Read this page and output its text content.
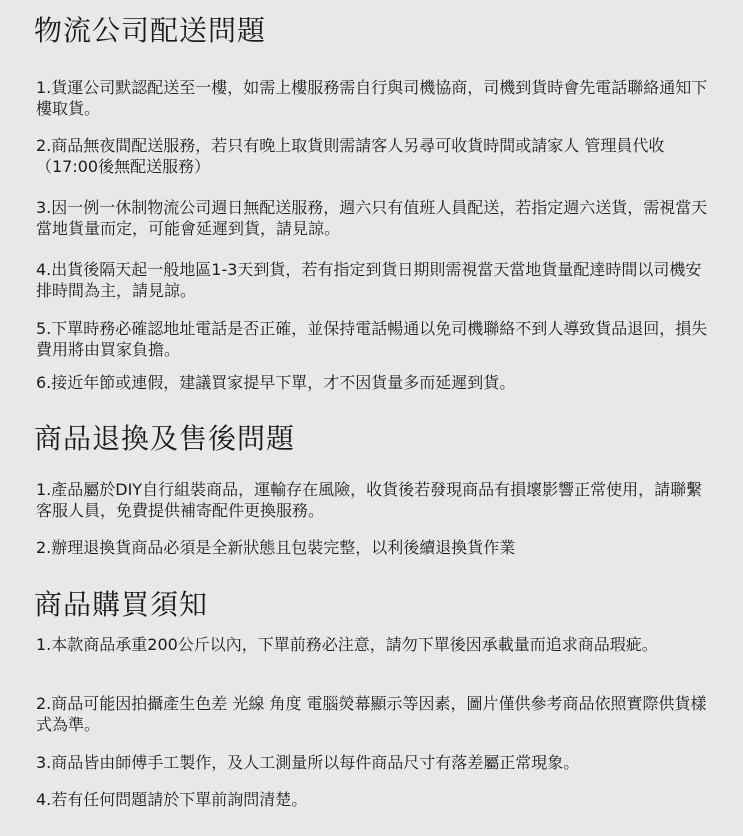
物流公司配送問題

1.貨運公司默認配送至一樓，如需上樓服務需自行與司機協商，司機到貨時會先電話聯絡通知下樓取貨。

2.商品無夜間配送服務，若只有晚上取貨則需請客人另尋可收貨時間或請家人 管理員代收（17:00後無配送服務）

3.因一例一休制物流公司週日無配送服務，週六只有值班人員配送，若指定週六送貨，需視當天當地貨量而定，可能會延遲到貨，請見諒。

4.出貨後隔天起一般地區1-3天到貨，若有指定到貨日期則需視當天當地貨量配達時間以司機安排時間為主，請見諒。

5.下單時務必確認地址電話是否正確，並保持電話暢通以免司機聯絡不到人導致貨品退回，損失費用將由買家負擔。

6.接近年節或連假，建議買家提早下單，才不因貨量多而延遲到貨。

商品退換及售後問題

1.產品屬於DIY自行組裝商品，運輸存在風險，收貨後若發現商品有損壞影響正常使用，請聯繫客服人員，免費提供補寄配件更換服務。

2.辦理退換貨商品必須是全新狀態且包裝完整，以利後續退換貨作業

商品購買須知

1.本款商品承重200公斤以內，下單前務必注意，請勿下單後因承載量而追求商品瑕疵。

2.商品可能因拍攝產生色差 光線 角度 電腦熒幕顯示等因素，圖片僅供參考商品依照實際供貨樣式為準。

3.商品皆由師傅手工製作，及人工測量所以每件商品尺寸有落差屬正常現象。

4.若有任何問題請於下單前詢問清楚。
